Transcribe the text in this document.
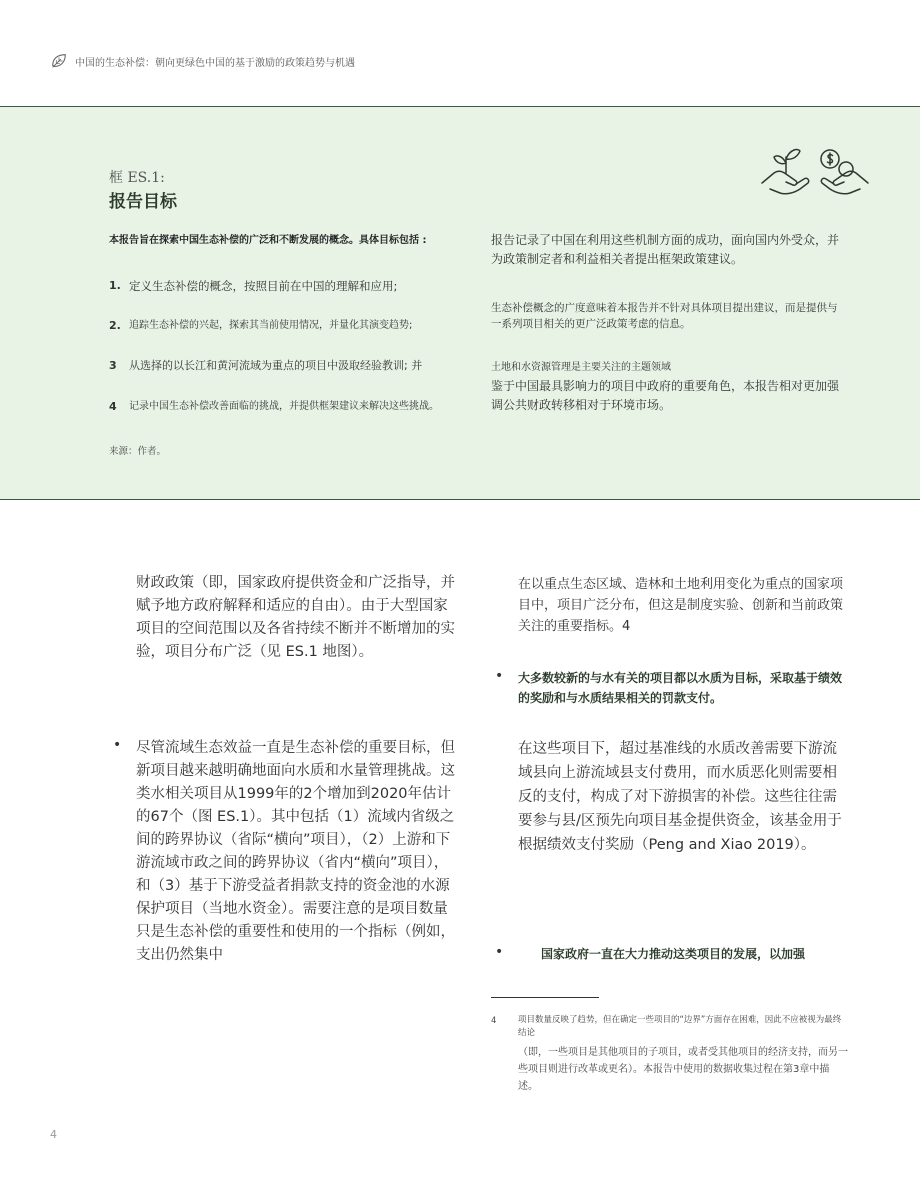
中国的生态补偿：朝向更绿色中国的基于激励的政策趋势与机遇
框 ES.1:
报告目标
本报告旨在探索中国生态补偿的广泛和不断发展的概念。具体目标包括 :
1. 定义生态补偿的概念，按照目前在中国的理解和应用;
2. 追踪生态补偿的兴起，探索其当前使用情况，并量化其演变趋势;
3	从选择的以长江和黄河流域为重点的项目中汲取经验教训; 并
4	记录中国生态补偿改善面临的挑战，并提供框架建议来解决这些挑战。
来源：作者。
报告记录了中国在利用这些机制方面的成功，面向国内外受众，并为政策制定者和利益相关者提出框架政策建议。
生态补偿概念的广度意味着本报告并不针对具体项目提出建议，而是提供与一系列项目相关的更广泛政策考虑的信息。
土地和水资源管理是主要关注的主题领域
鉴于中国最具影响力的项目中政府的重要角色，本报告相对更加强调公共财政转移相对于环境市场。
财政政策（即，国家政府提供资金和广泛指导，并赋予地方政府解释和适应的自由）。由于大型国家项目的空间范围以及各省持续不断并不断增加的实验，项目分布广泛（见 ES.1 地图）。
• 尽管流域生态效益一直是生态补偿的重要目标，但新项目越来越明确地面向水质和水量管理挑战。这类水相关项目从1999年的2个增加到2020年估计的67个（图 ES.1）。其中包括（1）流域内省级之间的跨界协议（省际“横向”项目），（2）上游和下游流域市政之间的跨界协议（省内“横向”项目），和（3）基于下游受益者捐款支持的资金池的水源保护项目（当地水资金）。需要注意的是项目数量只是生态补偿的重要性和使用的一个指标（例如，支出仍然集中
在以重点生态区域、造林和土地利用变化为重点的国家项目中，项目广泛分布，但这是制度实验、创新和当前政策关注的重要指标。4
• 大多数较新的与水有关的项目都以水质为目标，采取基于绩效的奖励和与水质结果相关的罚款支付。
在这些项目下，超过基准线的水质改善需要下游流域县向上游流域县支付费用，而水质恶化则需要相反的支付，构成了对下游损害的补偿。这些往往需要参与县/区预先向项目基金提供资金，该基金用于根据绩效支付奖励（Peng and Xiao 2019）。
•	国家政府一直在大力推动这类项目的发展，以加强
4	项目数量反映了趋势，但在确定一些项目的“边界”方面存在困难，因此不应被视为最终结论
（即，一些项目是其他项目的子项目，或者受其他项目的经济支持，而另一些项目则进行改革或更名）。本报告中使用的数据收集过程在第3章中描述。
4
